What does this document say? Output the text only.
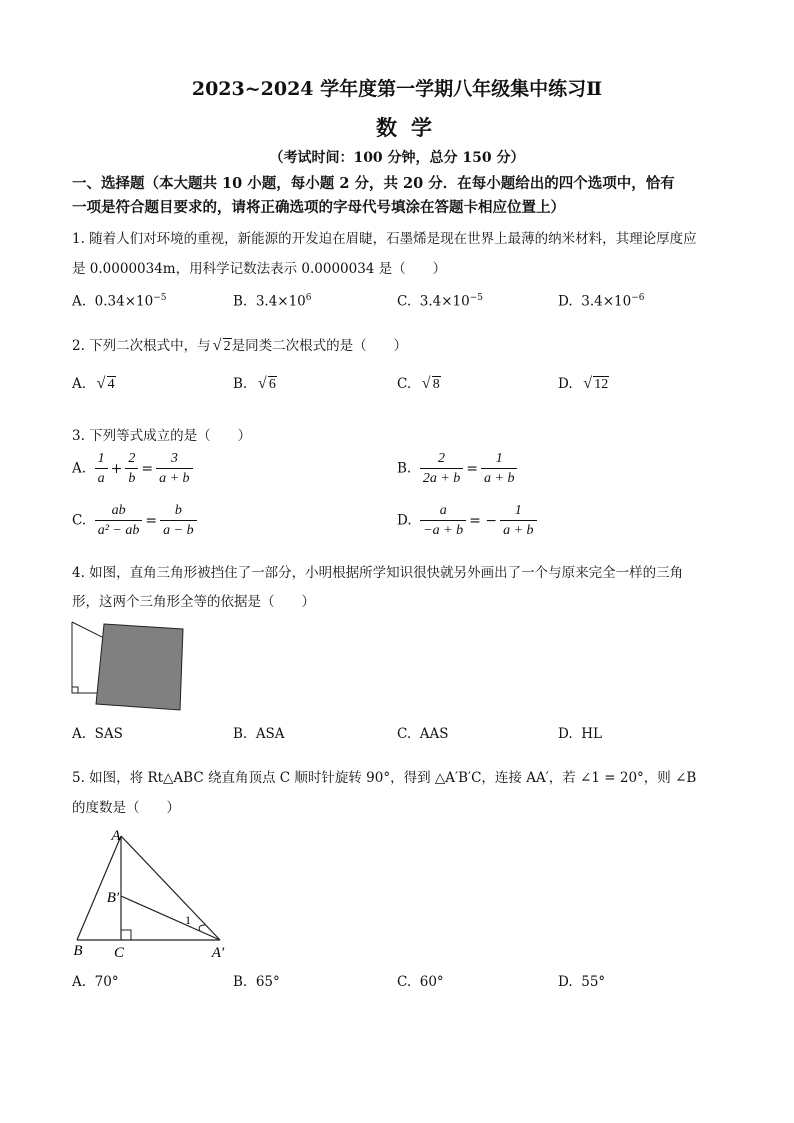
2023~2024 学年度第一学期八年级集中练习Ⅱ
数学
（考试时间：100 分钟，总分 150 分）
一、选择题（本大题共 10 小题，每小题 2 分，共 20 分．在每小题给出的四个选项中，恰有
一项是符合题目要求的，请将正确选项的字母代号填涂在答题卡相应位置上）
1. 随着人们对环境的重视，新能源的开发迫在眉睫，石墨烯是现在世界上最薄的纳米材料，其理论厚度应
是 0.0000034m，用科学记数法表示 0.0000034 是（　　）
A. $0.34\times 10^{-5}$	B. $3.4\times 10^6$	C. $3.4\times 10^{-5}$	D. $3.4\times 10^{-6}$
2. 下列二次根式中，与 √ 2是同类二次根式的是（　　）
A. √ 4	B. √ 6	C. √ 8	D. √ 12
3. 下列等式成立的是（　　）
A. $\frac{1}{a} + \frac{2}{b} = \frac{3}{a + b}$	B. $\frac{2}{2a + b} = \frac{1}{a + b}$
C. $\frac{ab}{\text{a² − ab}} = \frac{b}{a - b}$	D. $\frac{a}{-a + b}$ = − $\frac{1}{a + b}$
4. 如图，直角三角形被挡住了一部分，小明根据所学知识很快就另外画出了一个与原来完全一样的三角
形，这两个三角形全等的依据是（　　）
A. SAS	B. ASA	C. AAS	D. HL
5. 如图，将 Rt△ABC 绕直角顶点 C 顺时针旋转 90°，得到 △A′B′C，连接 AA′，若 ∠1 = 20°，则 ∠B
的度数是（　　）
A
B C
B′
A′
1
A. 70°	B. 65°	C. 60°	D. 55°
